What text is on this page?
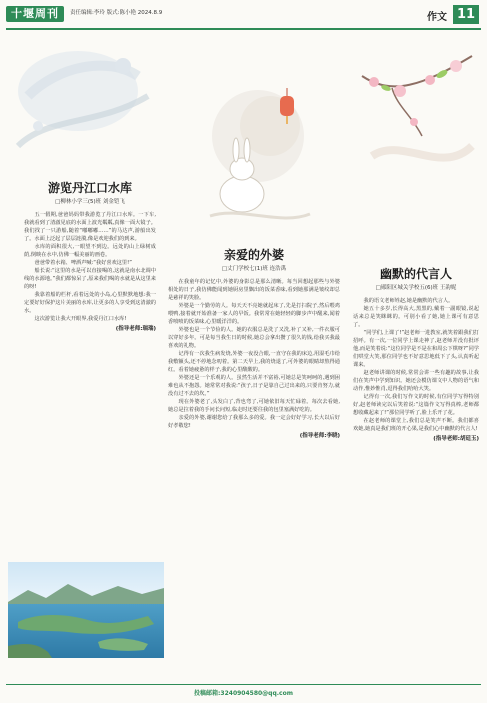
十堰周刊	责任编辑:李玲 版式:陈小艳 2024.8.9	作文 11
游览丹江口水库
□柳林小学三(5)班 刘金铠飞

五一假期,爸爸妈妈带我游览了丹江口水库。一下车,我就看到了清澈见底的水面上波光粼粼,真像一面大镜子。我们找了一只游船,随着“嘟嘟嘟……”的马达声,游船出发了。水面上泛起了层层涟漪,像是欢迎我们的到来。

水库的面积很大,一眼望不到边。远处的山上绿树成荫,倒映在水中,仿佛一幅美丽的画卷。

爸爸带着水箱、啤酒声喊:“我好喜欢这里!”

船长说:“这里的水是可以直接喝的,这就是南水北调中线的水源地。”我们都惊呆了,原来我们喝的水就是从这里来的呀!

我靠着船的栏杆,看着远处的小岛,心里默默地想:我一定要好好保护这片美丽的水库,让更多的人享受到这清澈的水。

这次游览让我大开眼界,我爱丹江口水库!

(指导老师:瑞瑞)
亲爱的外婆
□丈门学校七(1)班 连浩禹

在我童年的记忆中,外婆的身影总是那么清晰。每当回想起那些与外婆相处的日子,我仿佛能闻到她厨房里飘出的饭菜香味,看到她那满是皱纹却总是慈祥的笑脸。

外婆是一个勤劳的人。每天天不亮她就起床了,先是打扫院子,然后喂鸡喂鸭,接着就开始准备一家人的早饭。我常常在她轻轻的脚步声中醒来,闻着香喷喷的饭菜味,心里暖洋洋的。

外婆也是一个节俭的人。她的衣服总是洗了又洗,补了又补,一件衣服可以穿好多年。可是每当我生日的时候,她总会拿出攒了很久的钱,给我买我最喜欢的礼物。

记得有一次我生病发烧,外婆一夜没合眼,一直守在我的床边,用湿毛巾给我敷额头,还不停地念叨着。第二天早上,我的烧退了,可外婆的眼睛却熬得通红。看着她疲惫的样子,我的心里酸酸的。

外婆还是一个乐观的人。虽然生活并不富裕,可她总是笑呵呵的,遇到困难也从不抱怨。她常常对我说:“孩子,日子是靠自己过出来的,只要肯努力,就没有过不去的坎。”

现在外婆老了,头发白了,背也弯了,可她依旧每天忙碌着。每次去看她,她总是拉着我的手问长问短,临走时还要往我的包里塞满好吃的。

亲爱的外婆,谢谢您给了我那么多的爱。我一定会好好学习,长大以后好好孝敬您!

(指导老师:李晓)
幽默的代言人
□郧阳区城关学校五(6)班 王韵妮

我的语文老师姓赵,她是幽默的代言人。

她五十多岁,长得高大,黑黑的,戴着一副眼镜,说起话来总是笑眯眯的。可别小看了她,她上课可有意思了。

“同学们,上课了!”赵老师一进教室,就笑着跟我们打招呼。有一次,一位同学上课走神了,赵老师并没有批评他,而是笑着说:“这位同学是不是在和周公下棋呀?”同学们哄堂大笑,那位同学也不好意思地低下了头,认真听起课来。

赵老师讲课的时候,常常会讲一些有趣的故事,让我们在笑声中学到知识。她还会模仿课文中人物的语气和动作,惟妙惟肖,逗得我们哈哈大笑。

记得有一次,我们写作文的时候,有位同学写得特别好,赵老师读完以后笑着说:“这篇作文写得真棒,老师都想收藏起来了!”那位同学听了,脸上乐开了花。

在赵老师的课堂上,我们总是笑声不断。我们都喜欢她,她真是我们班的开心果,是我们心中幽默的代言人!

(指导老师:胡廷玉)
投稿邮箱:3240904580@qq.com
